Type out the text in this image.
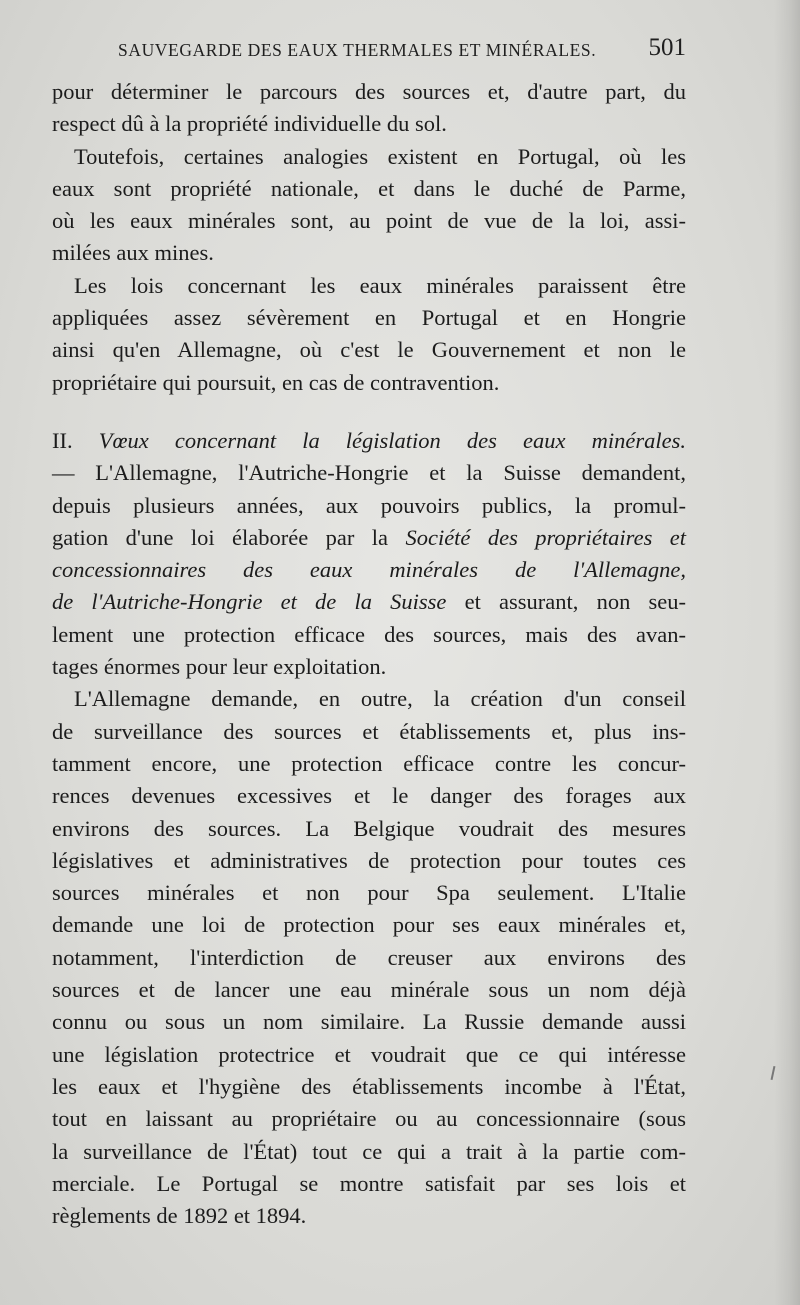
SAUVEGARDE DES EAUX THERMALES ET MINÉRALES. 501
pour déterminer le parcours des sources et, d'autre part, du
respect dû à la propriété individuelle du sol.
Toutefois, certaines analogies existent en Portugal, où les
eaux sont propriété nationale, et dans le duché de Parme,
où les eaux minérales sont, au point de vue de la loi, assi-
milées aux mines.
Les lois concernant les eaux minérales paraissent être
appliquées assez sévèrement en Portugal et en Hongrie
ainsi qu'en Allemagne, où c'est le Gouvernement et non le
propriétaire qui poursuit, en cas de contravention.
II. Vœux concernant la législation des eaux minérales.
— L'Allemagne, l'Autriche-Hongrie et la Suisse demandent,
depuis plusieurs années, aux pouvoirs publics, la promul-
gation d'une loi élaborée par la Société des propriétaires et
concessionnaires des eaux minérales de l'Allemagne,
de l'Autriche-Hongrie et de la Suisse et assurant, non seu-
lement une protection efficace des sources, mais des avan-
tages énormes pour leur exploitation.
L'Allemagne demande, en outre, la création d'un conseil
de surveillance des sources et établissements et, plus ins-
tamment encore, une protection efficace contre les concur-
rences devenues excessives et le danger des forages aux
environs des sources. La Belgique voudrait des mesures
législatives et administratives de protection pour toutes ces
sources minérales et non pour Spa seulement. L'Italie
demande une loi de protection pour ses eaux minérales et,
notamment, l'interdiction de creuser aux environs des
sources et de lancer une eau minérale sous un nom déjà
connu ou sous un nom similaire. La Russie demande aussi
une législation protectrice et voudrait que ce qui intéresse
les eaux et l'hygiène des établissements incombe à l'État,
tout en laissant au propriétaire ou au concessionnaire (sous
la surveillance de l'État) tout ce qui a trait à la partie com-
merciale. Le Portugal se montre satisfait par ses lois et
règlements de 1892 et 1894.
